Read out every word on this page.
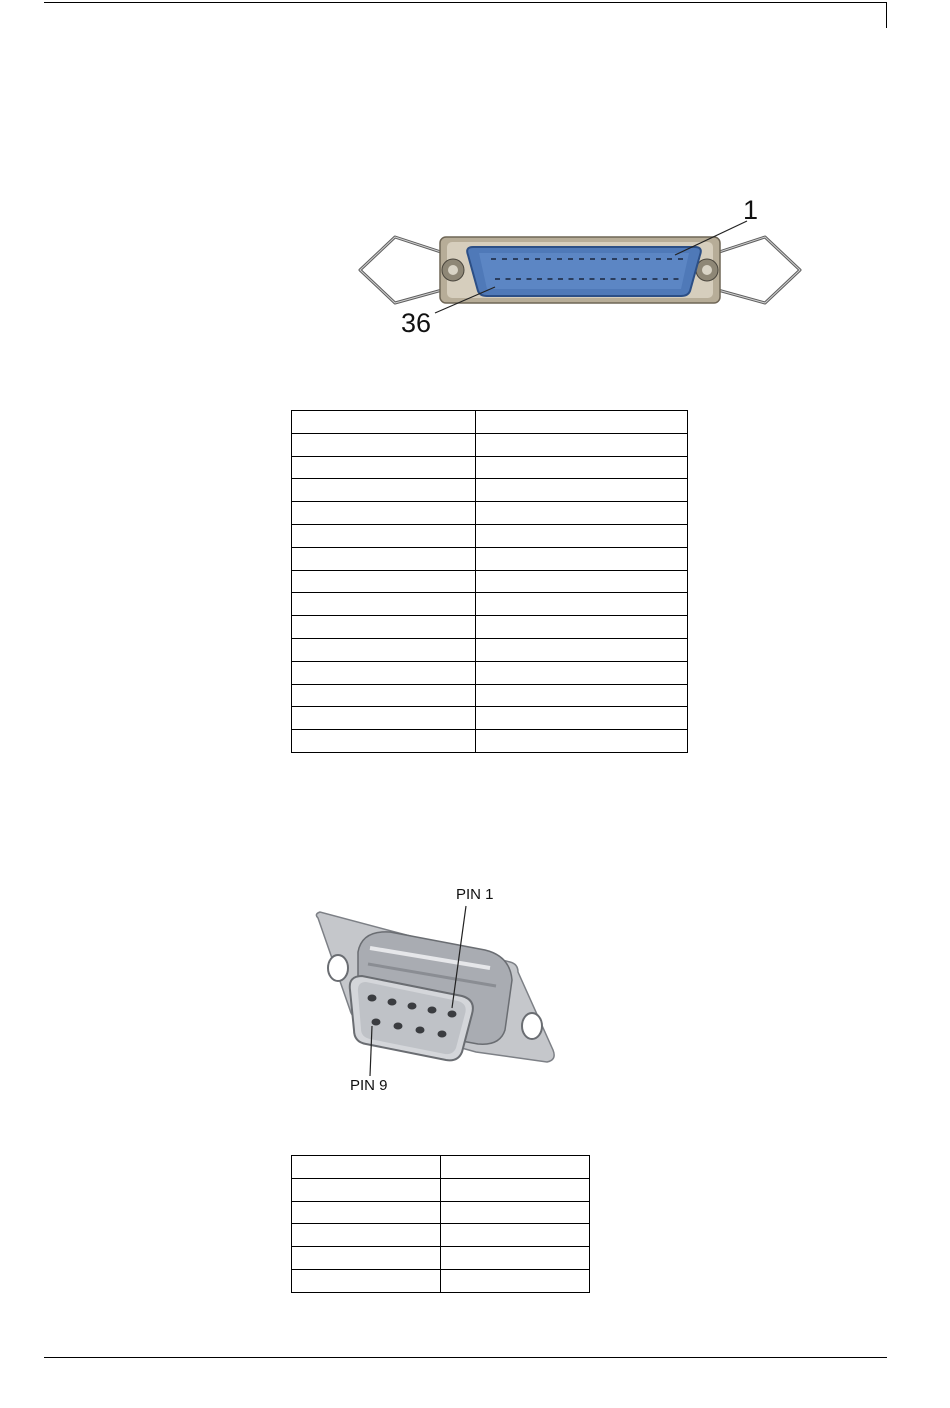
1
36

PIN 1
PIN 9
